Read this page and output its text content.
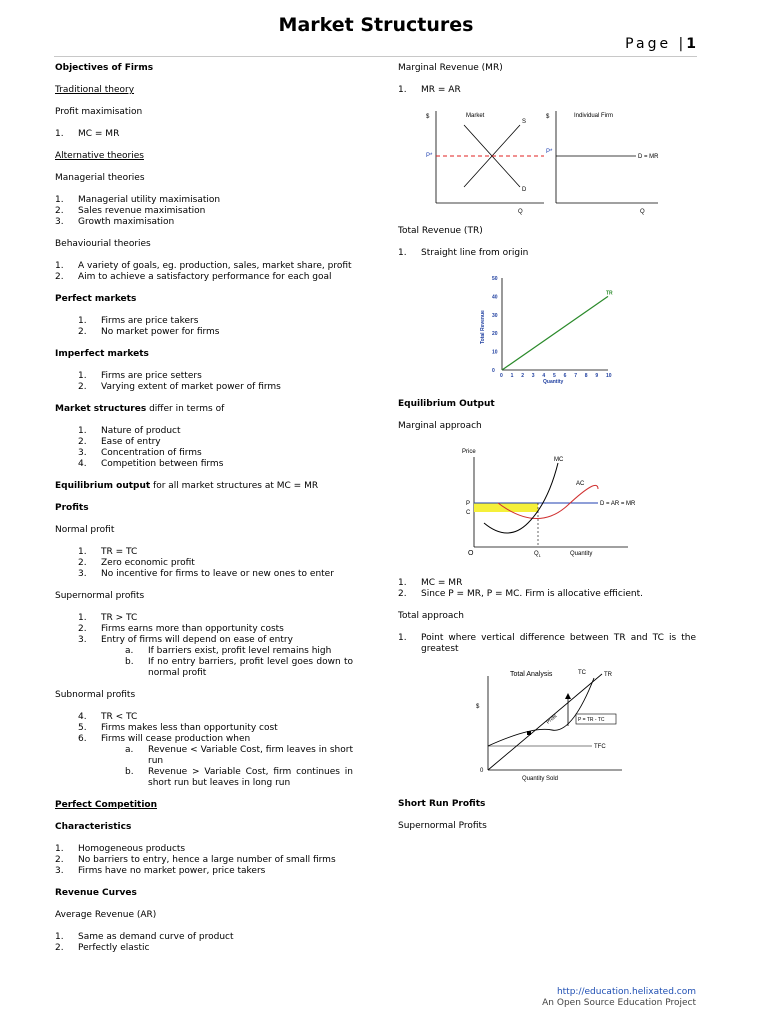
Market Structures
Page |1
Objectives of Firms
Traditional theory
Profit maximisation
1.	MC = MR
Alternative theories
Managerial theories
1.	Managerial utility maximisation
2.	Sales revenue maximisation
3.	Growth maximisation
Behaviourial theories
1.	A variety of goals, eg. production, sales, market share, profit
2.	Aim to achieve a satisfactory performance for each goal
Perfect markets
1.	Firms are price takers
2.	No market power for firms
Imperfect markets
1.	Firms are price setters
2.	Varying extent of market power of firms
Market structures differ in terms of
1.	Nature of product
2.	Ease of entry
3.	Concentration of firms
4.	Competition between firms
Equilibrium output for all market structures at MC = MR
Profits
Normal profit
1.	TR = TC
2.	Zero economic profit
3.	No incentive for firms to leave or new ones to enter
Supernormal profits
1.	TR > TC
2.	Firms earns more than opportunity costs
3.	Entry of firms will depend on ease of entry
a.	If barriers exist, profit level remains high
b.	If no entry barriers, profit level goes down to normal profit
Subnormal profits
4.	TR < TC
5.	Firms makes less than opportunity cost
6.	Firms will cease production when
a.	Revenue < Variable Cost, firm leaves in short run
b.	Revenue > Variable Cost, firm continues in short run but leaves in long run
Perfect Competition
Characteristics
1.	Homogeneous products
2.	No barriers to entry, hence a large number of small firms
3.	Firms have no market power, price takers
Revenue Curves
Average Revenue (AR)
1.	Same as demand curve of product
2.	Perfectly elastic
Marginal Revenue (MR)
1.	MR = AR
$	Market
S
D
P*
Q
$	Individual Firm
P*
D = MR
Q
Total Revenue (TR)
1.	Straight line from origin
0 1 2 3 4 5 6 7 8 9 10
0
10
20
30
40
50
TR
Quantity
Total Revenue
Equilibrium Output
Marginal approach
Price
MC
AC
P
C
D = AR = MR
O	$Q_1$	Quantity
1.	MC = MR
2.	Since P = MR, P = MC. Firm is allocative efficient.
Total approach
1.	Point where vertical difference between TR and TC is the greatest
Total Analysis	TC	TR
$
TFC
Profit	P = TR - TC
0
Quantity Sold
Short Run Profits
Supernormal Profits
http://education.helixated.com
An Open Source Education Project
